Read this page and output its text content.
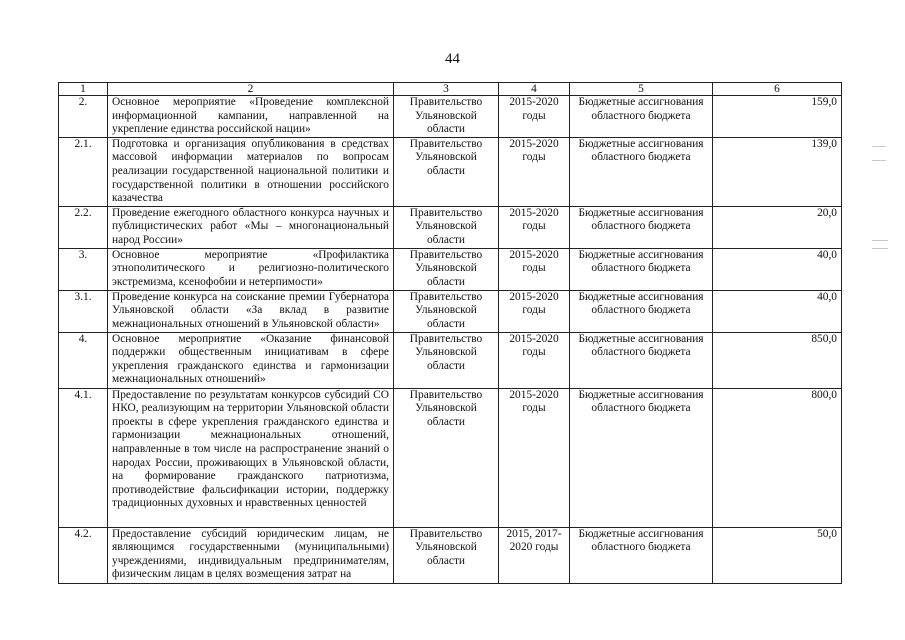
44
1	2	3	4	5	6
2.	Основное мероприятие «Проведение комплексной информационной кампании, направленной на укрепление единства российской нации»	Правительство Ульяновской области	2015-2020 годы	Бюджетные ассигнования областного бюджета	159,0
2.1.	Подготовка и организация опубликования в средствах массовой информации материалов по вопросам реализации государственной национальной политики и государственной политики в отношении российского казачества	Правительство Ульяновской области	2015-2020 годы	Бюджетные ассигнования областного бюджета	139,0
2.2.	Проведение ежегодного областного конкурса научных и публицистических работ «Мы – многонациональный народ России»	Правительство Ульяновской области	2015-2020 годы	Бюджетные ассигнования областного бюджета	20,0
3.	Основное мероприятие «Профилактика этнополитического и религиозно-политического экстремизма, ксенофобии и нетерпимости»	Правительство Ульяновской области	2015-2020 годы	Бюджетные ассигнования областного бюджета	40,0
3.1.	Проведение конкурса на соискание премии Губернатора Ульяновской области «За вклад в развитие межнациональных отношений в Ульяновской области»	Правительство Ульяновской области	2015-2020 годы	Бюджетные ассигнования областного бюджета	40,0
4.	Основное мероприятие «Оказание финансовой поддержки общественным инициативам в сфере укрепления гражданского единства и гармонизации межнациональных отношений»	Правительство Ульяновской области	2015-2020 годы	Бюджетные ассигнования областного бюджета	850,0
4.1.	Предоставление по результатам конкурсов субсидий СО НКО, реализующим на территории Ульяновской области проекты в сфере укрепления гражданского единства и гармонизации межнациональных отношений, направленные в том числе на распространение знаний о народах России, проживающих в Ульяновской области, на формирование гражданского патриотизма, противодействие фальсификации истории, поддержку традиционных духовных и нравственных ценностей	Правительство Ульяновской области	2015-2020 годы	Бюджетные ассигнования областного бюджета	800,0
4.2.	Предоставление субсидий юридическим лицам, не являющимся государственными (муниципальными) учреждениями, индивидуальным предпринимателям, физическим лицам в целях возмещения затрат на	Правительство Ульяновской области	2015, 2017-2020 годы	Бюджетные ассигнования областного бюджета	50,0
